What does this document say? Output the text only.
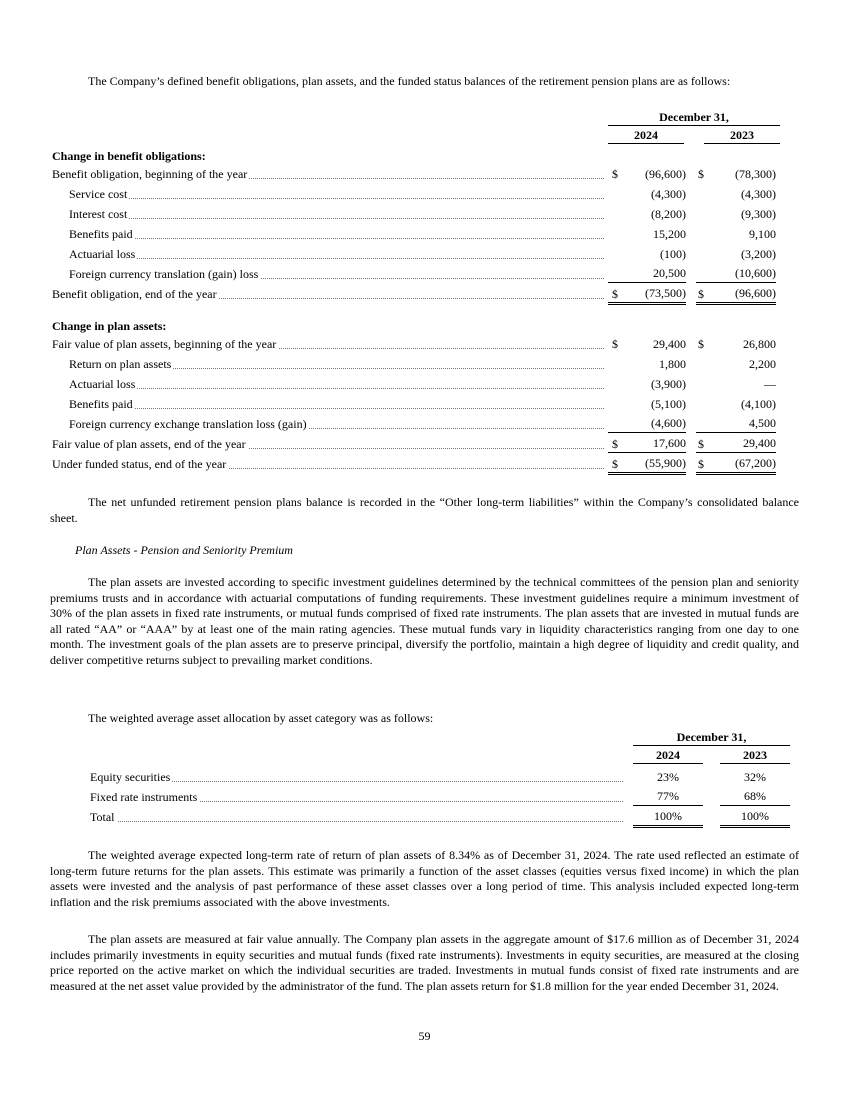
The Company’s defined benefit obligations, plan assets, and the funded status balances of the retirement pension plans are as follows:

December 31,
2024	2023
Change in benefit obligations:
Benefit obligation, beginning of the year	$	(96,600) $	(78,300)
Service cost	(4,300)	(4,300)
Interest cost	(8,200)	(9,300)
Benefits paid	15,200	9,100
Actuarial loss	(100)	(3,200)
Foreign currency translation (gain) loss	20,500	(10,600)
Benefit obligation, end of the year	$	(73,500) $	(96,600)
Change in plan assets:
Fair value of plan assets, beginning of the year	$	29,400 $	26,800
Return on plan assets	1,800	2,200
Actuarial loss	(3,900)	—
Benefits paid	(5,100)	(4,100)
Foreign currency exchange translation loss (gain)	(4,600)	4,500
Fair value of plan assets, end of the year	$	17,600 $	29,400
Under funded status, end of the year	$	(55,900) $	(67,200)

The net unfunded retirement pension plans balance is recorded in the “Other long-term liabilities” within the Company’s consolidated balance sheet.

Plan Assets - Pension and Seniority Premium

The plan assets are invested according to specific investment guidelines determined by the technical committees of the pension plan and seniority premiums trusts and in accordance with actuarial computations of funding requirements. These investment guidelines require a minimum investment of 30% of the plan assets in fixed rate instruments, or mutual funds comprised of fixed rate instruments. The plan assets that are invested in mutual funds are all rated “AA” or “AAA” by at least one of the main rating agencies. These mutual funds vary in liquidity characteristics ranging from one day to one month. The investment goals of the plan assets are to preserve principal, diversify the portfolio, maintain a high degree of liquidity and credit quality, and deliver competitive returns subject to prevailing market conditions.

The weighted average asset allocation by asset category was as follows:

December 31,
2024	2023
Equity securities	23%	32%
Fixed rate instruments	77%	68%
Total	100%	100%

The weighted average expected long-term rate of return of plan assets of 8.34% as of December 31, 2024. The rate used reflected an estimate of long-term future returns for the plan assets. This estimate was primarily a function of the asset classes (equities versus fixed income) in which the plan assets were invested and the analysis of past performance of these asset classes over a long period of time. This analysis included expected long-term inflation and the risk premiums associated with the above investments.

The plan assets are measured at fair value annually. The Company plan assets in the aggregate amount of $17.6 million as of December 31, 2024 includes primarily investments in equity securities and mutual funds (fixed rate instruments). Investments in equity securities, are measured at the closing price reported on the active market on which the individual securities are traded. Investments in mutual funds consist of fixed rate instruments and are measured at the net asset value provided by the administrator of the fund. The plan assets return for $1.8 million for the year ended December 31, 2024.

59
